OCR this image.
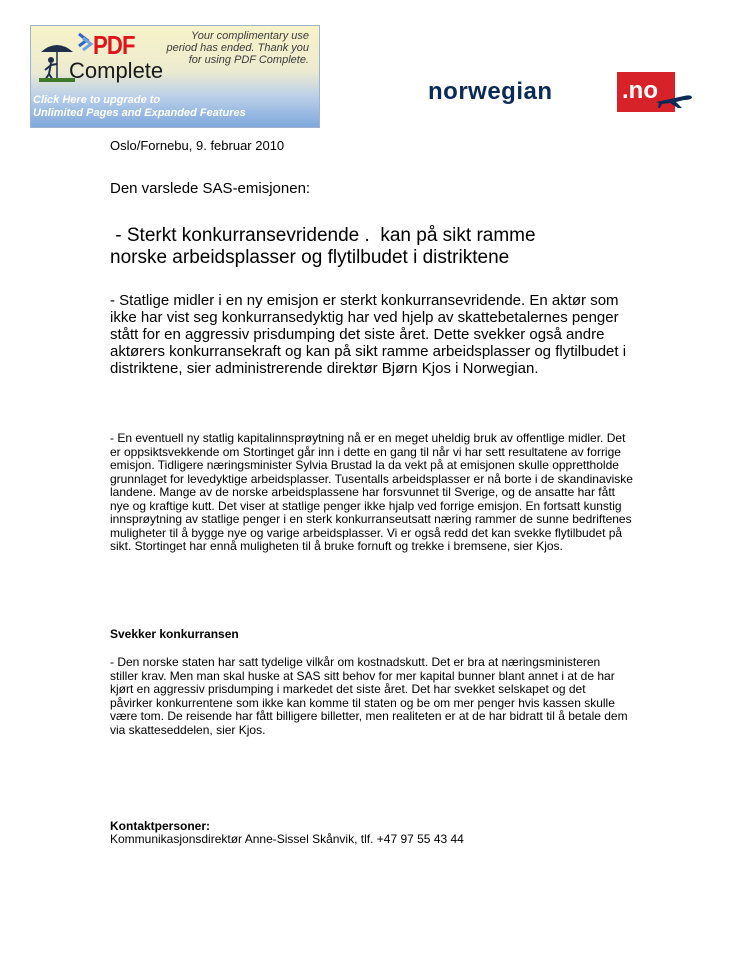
PDF
Complete
Your complimentary use period has ended. Thank you for using PDF Complete.
Click Here to upgrade to
Unlimited Pages and Expanded Features
norwegian	.no
Oslo/Fornebu, 9. februar 2010
Den varslede SAS-emisjonen:
- Sterkt konkurransevridende .  kan på sikt ramme
norske arbeidsplasser og flytilbudet i distriktene
- Statlige midler i en ny emisjon er sterkt konkurransevridende. En aktør som ikke har vist seg konkurransedyktig har ved hjelp av skattebetalernes penger stått for en aggressiv prisdumping det siste året. Dette svekker også andre aktørers konkurransekraft og kan på sikt ramme arbeidsplasser og flytilbudet i distriktene, sier administrerende direktør Bjørn Kjos i Norwegian.
- En eventuell ny statlig kapitalinnsprøytning nå er en meget uheldig bruk av offentlige midler. Det er oppsiktsvekkende om Stortinget går inn i dette en gang til når vi har sett resultatene av forrige emisjon. Tidligere næringsminister Sylvia Brustad la da vekt på at emisjonen skulle opprettholde grunnlaget for levedyktige arbeidsplasser. Tusentalls arbeidsplasser er nå borte i de skandinaviske landene. Mange av de norske arbeidsplassene har forsvunnet til Sverige, og de ansatte har fått nye og kraftige kutt. Det viser at statlige penger ikke hjalp ved forrige emisjon. En fortsatt kunstig innsprøytning av statlige penger i en sterk konkurranseutsatt næring rammer de sunne bedriftenes muligheter til å bygge nye og varige arbeidsplasser. Vi er også redd det kan svekke flytilbudet på sikt. Stortinget har ennå muligheten til å bruke fornuft og trekke i bremsene, sier Kjos.
Svekker konkurransen
- Den norske staten har satt tydelige vilkår om kostnadskutt. Det er bra at næringsministeren stiller krav. Men man skal huske at SAS sitt behov for mer kapital bunner blant annet i at de har kjørt en aggressiv prisdumping i markedet det siste året. Det har svekket selskapet og det påvirker konkurrentene som ikke kan komme til staten og be om mer penger hvis kassen skulle være tom. De reisende har fått billigere billetter, men realiteten er at de har bidratt til å betale dem via skatteseddelen, sier Kjos.
Kontaktpersoner:
Kommunikasjonsdirektør Anne-Sissel Skånvik, tlf. +47 97 55 43 44
